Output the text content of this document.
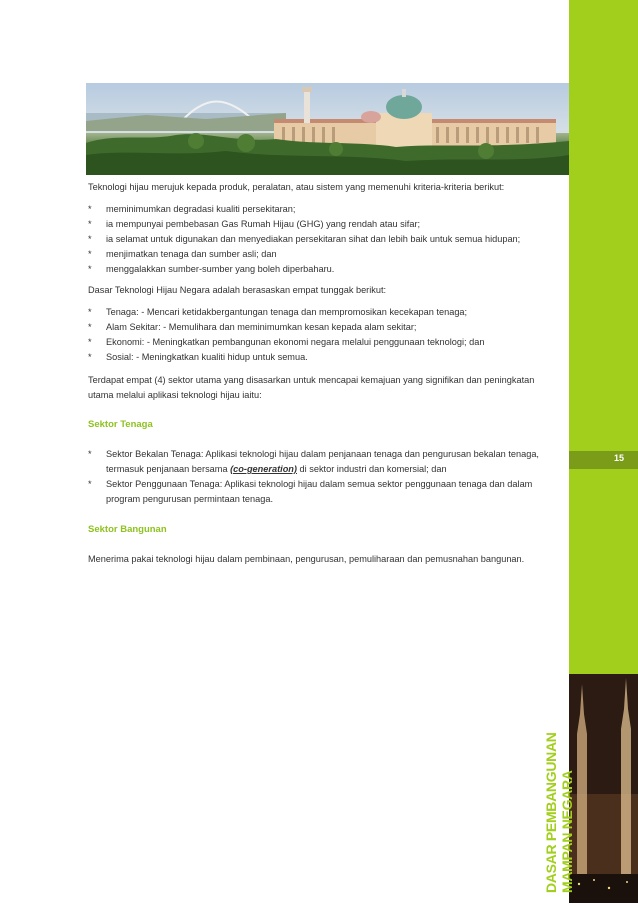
15
DASAR PEMBANGUNAN MAMPAN NEGARA

Teknologi hijau merujuk kepada produk, peralatan, atau sistem yang memenuhi kriteria-kriteria berikut:

* meminimumkan degradasi kualiti persekitaran;
* ia mempunyai pembebasan Gas Rumah Hijau (GHG) yang rendah atau sifar;
* ia selamat untuk digunakan dan menyediakan persekitaran sihat dan lebih baik untuk semua hidupan;
* menjimatkan tenaga dan sumber asli; dan
* menggalakkan sumber-sumber yang boleh diperbaharu.

Dasar Teknologi Hijau Negara adalah berasaskan empat tunggak berikut:

* Tenaga: - Mencari ketidakbergantungan tenaga dan mempromosikan kecekapan tenaga;
* Alam Sekitar: - Memulihara dan meminimumkan kesan kepada alam sekitar;
* Ekonomi: - Meningkatkan pembangunan ekonomi negara melalui penggunaan teknologi; dan
* Sosial: - Meningkatkan kualiti hidup untuk semua.

Terdapat empat (4) sektor utama yang disasarkan untuk mencapai kemajuan yang signifikan dan peningkatan utama melalui aplikasi teknologi hijau iaitu:

Sektor Tenaga

* Sektor Bekalan Tenaga: Aplikasi teknologi hijau dalam penjanaan tenaga dan pengurusan bekalan tenaga, termasuk penjanaan bersama (co-generation) di sektor industri dan komersial; dan
* Sektor Penggunaan Tenaga: Aplikasi teknologi hijau dalam semua sektor penggunaan tenaga dan dalam program pengurusan permintaan tenaga.

Sektor Bangunan

Menerima pakai teknologi hijau dalam pembinaan, pengurusan, pemuliharaan dan pemusnahan bangunan.
